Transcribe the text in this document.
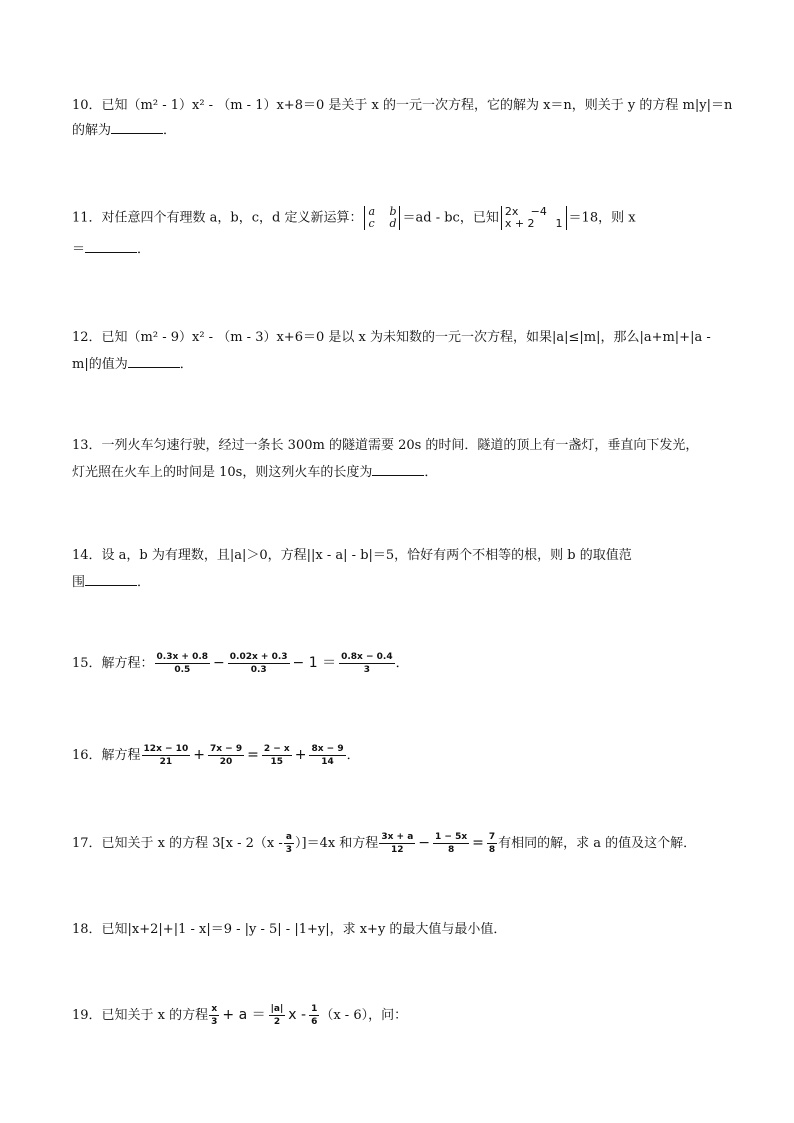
10．已知（m² - 1）x² - （m - 1）x+8＝0 是关于 x 的一元一次方程，它的解为 x＝n，则关于 y 的方程 m|y|＝n
的解为	．
11．对任意四个有理数 a，b，c，d 定义新运算： a b
c d ＝ad - bc，已知 2x −4
x + 2 1 ＝18，则 x
＝	．
12．已知（m² - 9）x² - （m - 3）x+6＝0 是以 x 为未知数的一元一次方程，如果|a|≤|m|，那么|a+m|+|a -
m|的值为	．
13．一列火车匀速行驶，经过一条长 300m 的隧道需要 20s 的时间．隧道的顶上有一盏灯，垂直向下发光，
灯光照在火车上的时间是 10s，则这列火车的长度为	．
14．设 a，b 为有理数，且|a|＞0，方程||x - a| - b|＝5，恰好有两个不相等的根，则 b 的取值范
围	．
15．解方程： $\frac{0.3x + 0.8}{0.5} - \frac{0.02x + 0.3}{0.3} - 1 = \frac{0.8x - 0.4}{3}$ ．
16．解方程 $\frac{12x - 10}{21} + \frac{7x - 9}{20} = \frac{2 - x}{15} + \frac{8x - 9}{14}$ ．
17．已知关于 x 的方程 $3[x - 2(x - \frac{a}{3} )]=4x$ 和方程 $\frac{3x + a}{12} - \frac{1 - 5x}{8} = \frac{7}{8}$ 有相同的解，求 a 的值及这个解．
18．已知|x+2|+|1 - x|＝9 - |y - 5| - |1+y|，求 x+y 的最大值与最小值．
19．已知关于 x 的方程 $\frac{x}{3} + a = \frac{|a|}{2}$ x - $\frac{1}{6} (x - 6)$，问：
